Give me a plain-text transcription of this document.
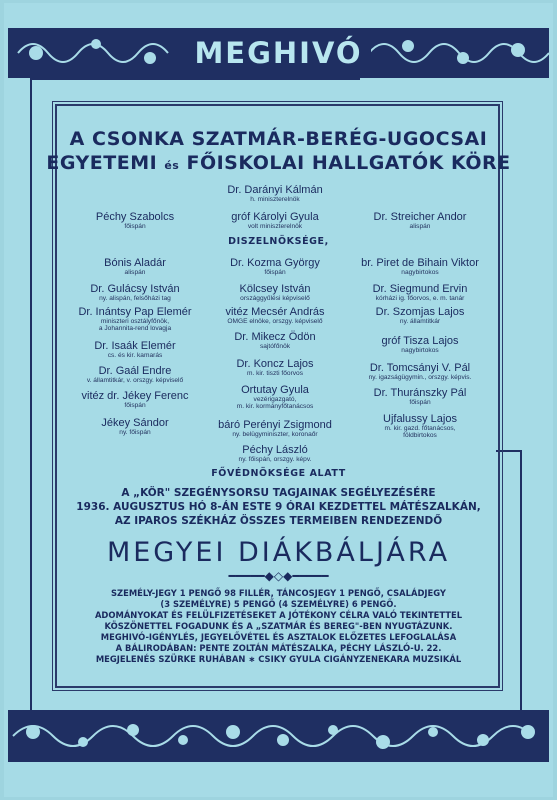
MEGHIVÓ
A CSONKA SZATMÁR-BERÉG-UGOCSAI
EGYETEMI és FŐISKOLAI HALLGATÓK KÖRE
Dr. Darányi Kálmán
h. miniszterelnök
Péchy Szabolcs
főispán
gróf Károlyi Gyula
volt miniszterelnök
Dr. Streicher Andor
alispán
DISZELNÖKSÉGE,
Bónis Aladár
alispán
Dr. Kozma György
főispán
br. Piret de Bihain Viktor
nagybirtokos
Dr. Gulácsy István
ny. alispán, felsőházi tag
Kölcsey István
országgyűlési képviselő
Dr. Siegmund Ervin
kórházi ig. főorvos, e. m. tanár
Dr. Inántsy Pap Elemér
miniszteri osztályfőnök,
a Johannita-rend lovagja
vitéz Mecsér András
OMGE elnöke, orszgy. képviselő
Dr. Szomjas Lajos
ny. államtitkár
Dr. Isaák Elemér
cs. és kir. kamarás
Dr. Mikecz Ödön
sajtófőnök	gróf Tisza Lajos
nagybirtokos
Dr. Gaál Endre
v. államtitkár, v. orszgy. képviselő
Dr. Koncz Lajos
m. kir. tiszti főorvos	Dr. Tomcsányi V. Pál
ny. igazságügymin., orszgy. képvis.
vitéz dr. Jékey Ferenc
főispán
Ortutay Gyula
vezérigazgató,
m. kir. kormányfőtanácsos
Dr. Thuránszky Pál
főispán
Jékey Sándor
ny. főispán
báró Perényi Zsigmond
ny. belügyminiszter, koronaőr
Ujfalussy Lajos
m. kir. gazd. főtanácsos,
földbirtokos
Péchy László
ny. főispán, orszgy. képv.
FŐVÉDNÖKSÉGE ALATT
A „KÖR" SZEGÉNYSORSU TAGJAINAK SEGÉLYEZÉSÉRE
1936. AUGUSZTUS HÓ 8-ÁN ESTE 9 ÓRAI KEZDETTEL MÁTÉSZALKÁN,
AZ IPAROS SZÉKHÁZ ÖSSZES TERMEIBEN RENDEZENDŐ
MEGYEI DIÁKBÁLJÁRA
━━━━━◆◇◆━━━━━
SZEMÉLY-JEGY 1 PENGŐ 98 FILLÉR, TÁNCOSJEGY 1 PENGŐ, CSALÁDJEGY
(3 SZEMÉLYRE) 5 PENGŐ (4 SZEMÉLYRE) 6 PENGŐ.
ADOMÁNYOKAT ÉS FELÜLFIZETÉSEKET A JÓTÉKONY CÉLRA VALÓ TEKINTETTEL
KÖSZÖNETTEL FOGADUNK ÉS A „SZATMÁR ÉS BEREG"-BEN NYUGTÁZUNK.
MEGHIVÓ-IGÉNYLÉS, JEGYELŐVÉTEL ÉS ASZTALOK ELŐZETES LEFOGLALÁSA
A BÁLIRODÁBAN: PENTE ZOLTÁN MÁTÉSZALKA, PÉCHY LÁSZLÓ-U. 22.
MEGJELENÉS SZÜRKE RUHÁBAN ∗ CSIKY GYULA CIGÁNYZENEKARA MUZSIKÁL
